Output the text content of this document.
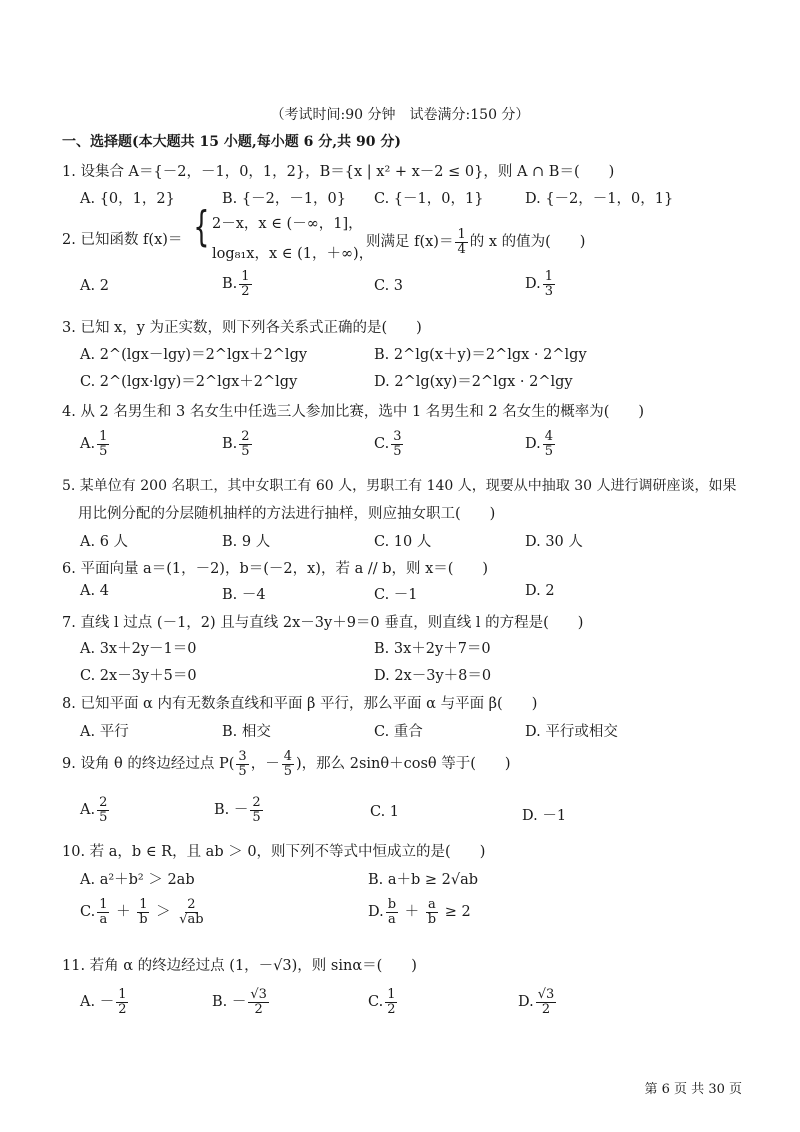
（考试时间:90 分钟　试卷满分:150 分）
一、选择题(本大题共 15 小题,每小题 6 分,共 90 分)
1. 设集合 A＝{－2，－1，0，1，2}，B＝{x | x² + x－2 ≤ 0}，则 A ∩ B＝(　　)
A. {0，1，2}	B. {－2，－1，0} C. {－1，0，1}	D. {－2，－1，0，1}
2. 已知函数 f(x)＝ { 2－x，x ∈ (－∞，1]，
log₈₁x，x ∈ (1，＋∞)，
则满足 $f(x)= \frac{1}{4}$ 的 x 的值为(　　)
A. 2	B. $\frac{1}{2}$	C. 3	D. $\frac{1}{3}$
3. 已知 x，y 为正实数，则下列各关系式正确的是(　　)
A. 2^(lgx－lgy)＝2^lgx＋2^lgy	B. 2^lg(x＋y)＝2^lgx · 2^lgy
C. 2^(lgx·lgy)＝2^lgx＋2^lgy	D. 2^lg(xy)＝2^lgx · 2^lgy
4. 从 2 名男生和 3 名女生中任选三人参加比赛，选中 1 名男生和 2 名女生的概率为(　　)
A. $\frac{1}{5}$	B. $\frac{2}{5}$	C. $\frac{3}{5}$	D. $\frac{4}{5}$
5. 某单位有 200 名职工，其中女职工有 60 人，男职工有 140 人，现要从中抽取 30 人进行调研座谈，如果
用比例分配的分层随机抽样的方法进行抽样，则应抽女职工(　　)
A. 6 人	B. 9 人	C. 10 人	D. 30 人
6. 平面向量 a＝(1，－2)，b＝(－2，x)，若 a // b，则 x＝(　　)
A. 4	B. －4	C. －1	D. 2
7. 直线 l 过点 (－1，2) 且与直线 2x－3y＋9＝0 垂直，则直线 l 的方程是(　　)
A. 3x＋2y－1＝0	B. 3x＋2y＋7＝0
C. 2x－3y＋5＝0	D. 2x－3y＋8＝0
8. 已知平面 α 内有无数条直线和平面 β 平行，那么平面 α 与平面 β(　　)
A. 平行	B. 相交	C. 重合	D. 平行或相交
9. 设角 θ 的终边经过点 $P( \frac{3}{5}$ ，－ $\frac{4}{5}$ )，那么 2sinθ＋cosθ 等于(　　)
A. $\frac{2}{5}$	B. － $\frac{2}{5}$	C. 1	D. －1
10. 若 a，b ∈ R，且 ab ＞ 0，则下列不等式中恒成立的是(　　)
A. a²＋b² ＞ 2ab	B. a＋b ≥ 2√ab
C. $\frac{1}{a} + \frac{1}{b} > \frac{2}{√ab}$	D. $\frac{b}{a} + \frac{a}{b} \ge 2$
11. 若角 α 的终边经过点 (1，－√3)，则 sinα＝(　　)
A. － $\frac{1}{2}$	B. － $\frac{√3}{2}$	C. $\frac{1}{2}$	D. $\frac{√3}{2}$
第 6 页 共 30 页
